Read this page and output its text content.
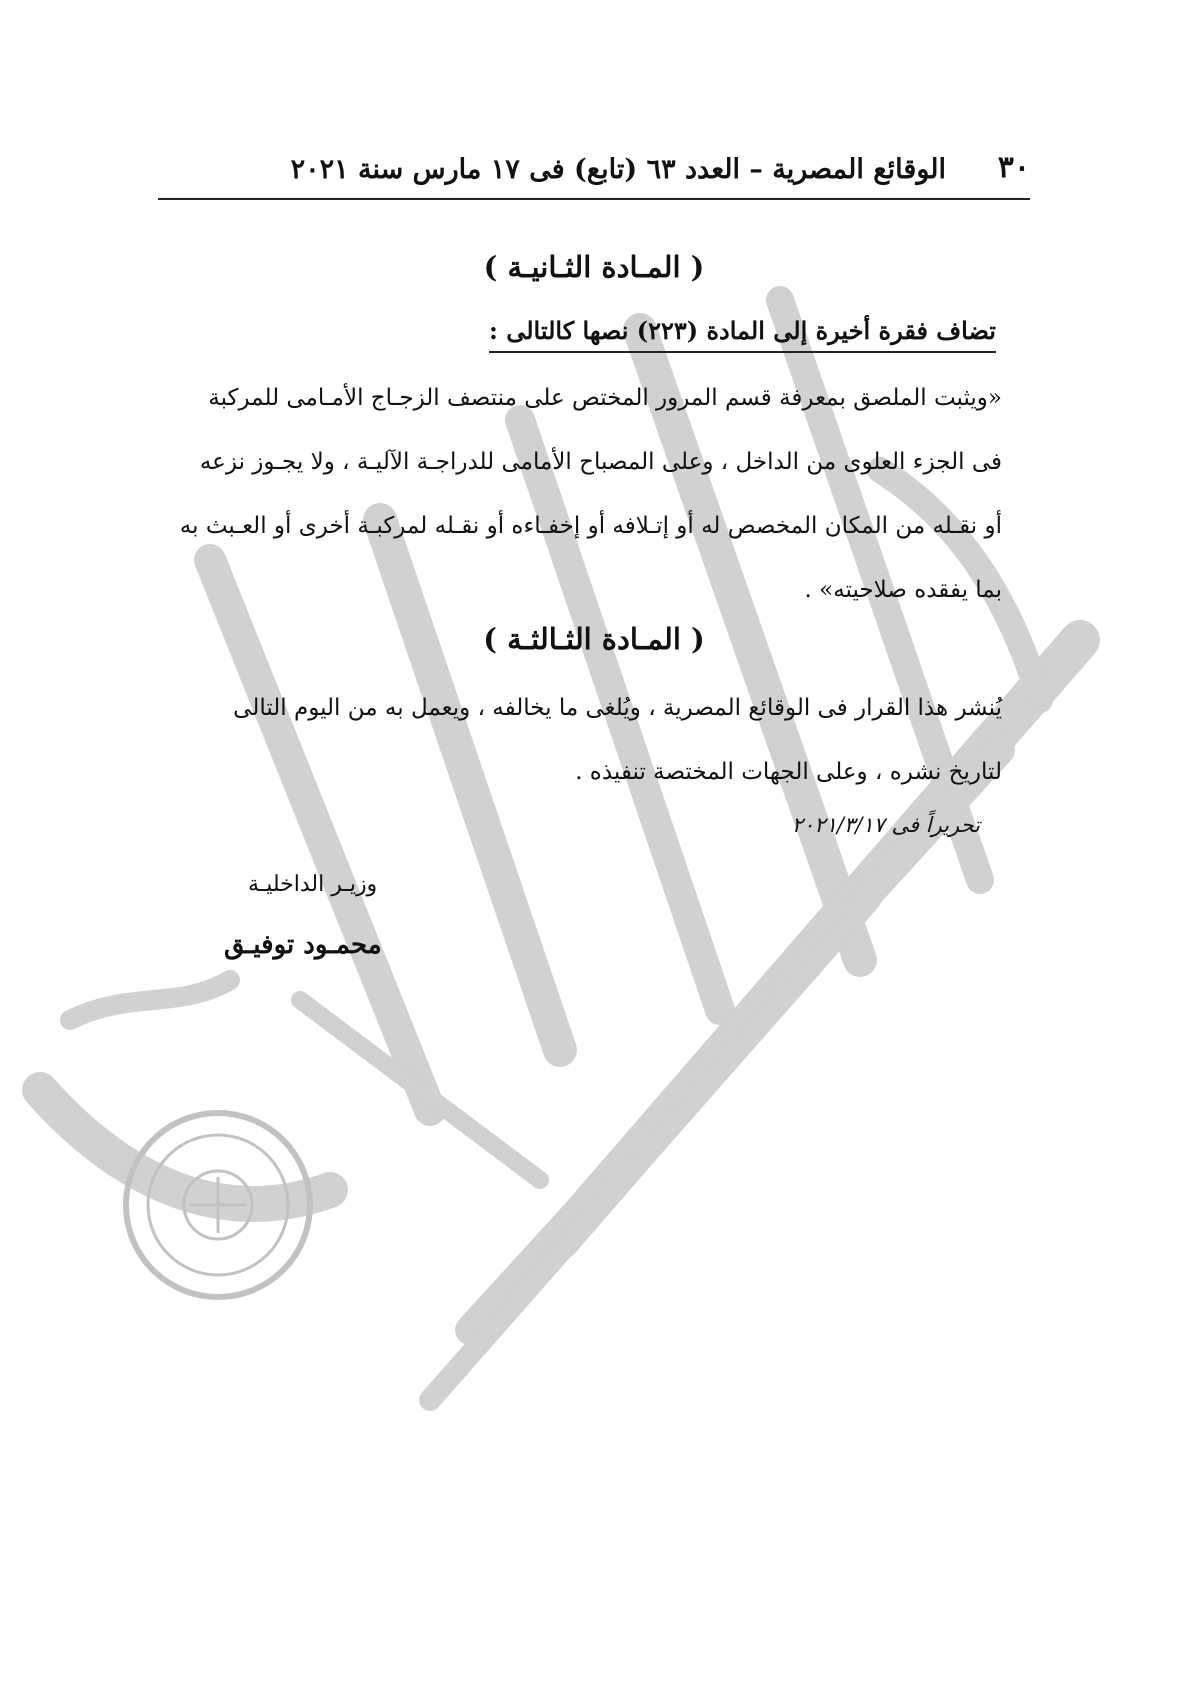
٣٠
الوقائع المصرية – العدد ٦٣ (تابع) فى ١٧ مارس سنة ٢٠٢١
( المـادة الثـانيـة )
تضاف فقرة أخيرة إلى المادة (٢٢٣) نصها كالتالى :
«ويثبت الملصق بمعرفة قسم المرور المختص على منتصف الزجـاج الأمـامى للمركبة
فى الجزء العلوى من الداخل ، وعلى المصباح الأمامى للدراجـة الآليـة ، ولا يجـوز نزعه
أو نقـله من المكان المخصص له أو إتـلافه أو إخفـاءه أو نقـله لمركبـة أخرى أو العـبث به
بما يفقده صلاحيته» .
( المـادة الثـالثـة )
يُنشر هذا القرار فى الوقائع المصرية ، ويُلغى ما يخالفه ، ويعمل به من اليوم التالى
لتاريخ نشره ، وعلى الجهات المختصة تنفيذه .
تحريراً فى ٢٠٢١/٣/١٧
وزيـر الداخليـة
محمـود توفيـق
